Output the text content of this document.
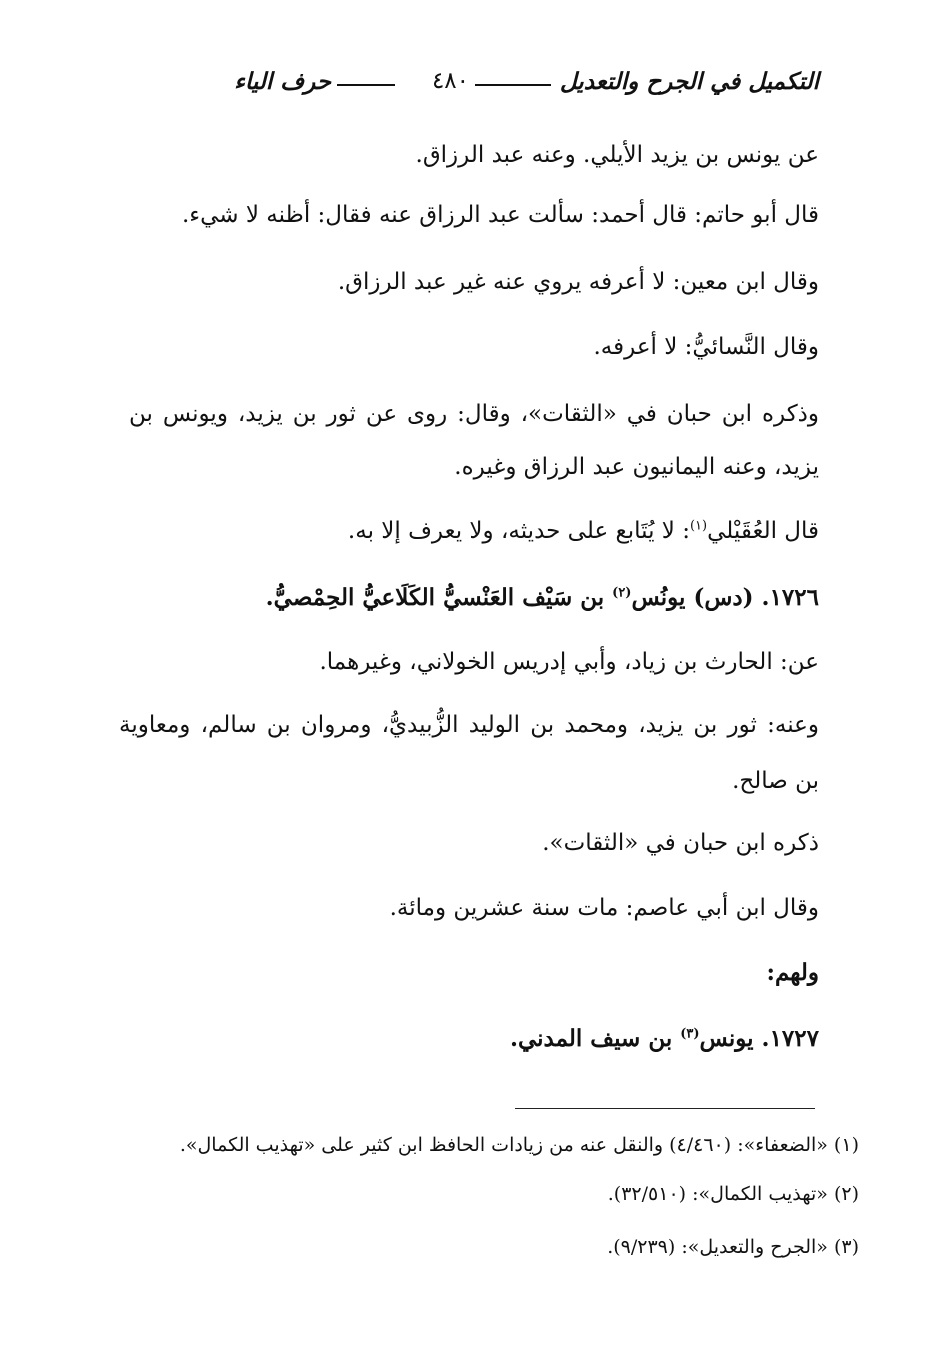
التكميل في الجرح والتعديل
٤٨٠
حرف الياء
عن يونس بن يزيد الأيلي. وعنه عبد الرزاق.
قال أبو حاتم: قال أحمد: سألت عبد الرزاق عنه فقال: أظنه لا شيء.
وقال ابن معين: لا أعرفه يروي عنه غير عبد الرزاق.
وقال النَّسائيُّ: لا أعرفه.
وذكره ابن حبان في «الثقات»، وقال: روى عن ثور بن يزيد، ويونس بن
يزيد، وعنه اليمانيون عبد الرزاق وغيره.
قال العُقَيْلي$^{(١)}$: لا يُتَابع على حديثه، ولا يعرف إلا به.
١٧٢٦. (دس) يونُس$^{(٢)}$ بن سَيْف العَنْسيُّ الكَلَاعيُّ الحِمْصيُّ.
عن: الحارث بن زياد، وأبي إدريس الخولاني، وغيرهما.
وعنه: ثور بن يزيد، ومحمد بن الوليد الزُّبيديُّ، ومروان بن سالم، ومعاوية
بن صالح.
ذكره ابن حبان في «الثقات».
وقال ابن أبي عاصم: مات سنة عشرين ومائة.
ولهم:
١٧٢٧. يونس$^{(٣)}$ بن سيف المدني.
(١) «الضعفاء»: (٤/٤٦٠) والنقل عنه من زيادات الحافظ ابن كثير على «تهذيب الكمال».
(٢) «تهذيب الكمال»: (٣٢/٥١٠).
(٣) «الجرح والتعديل»: (٩/٢٣٩).
